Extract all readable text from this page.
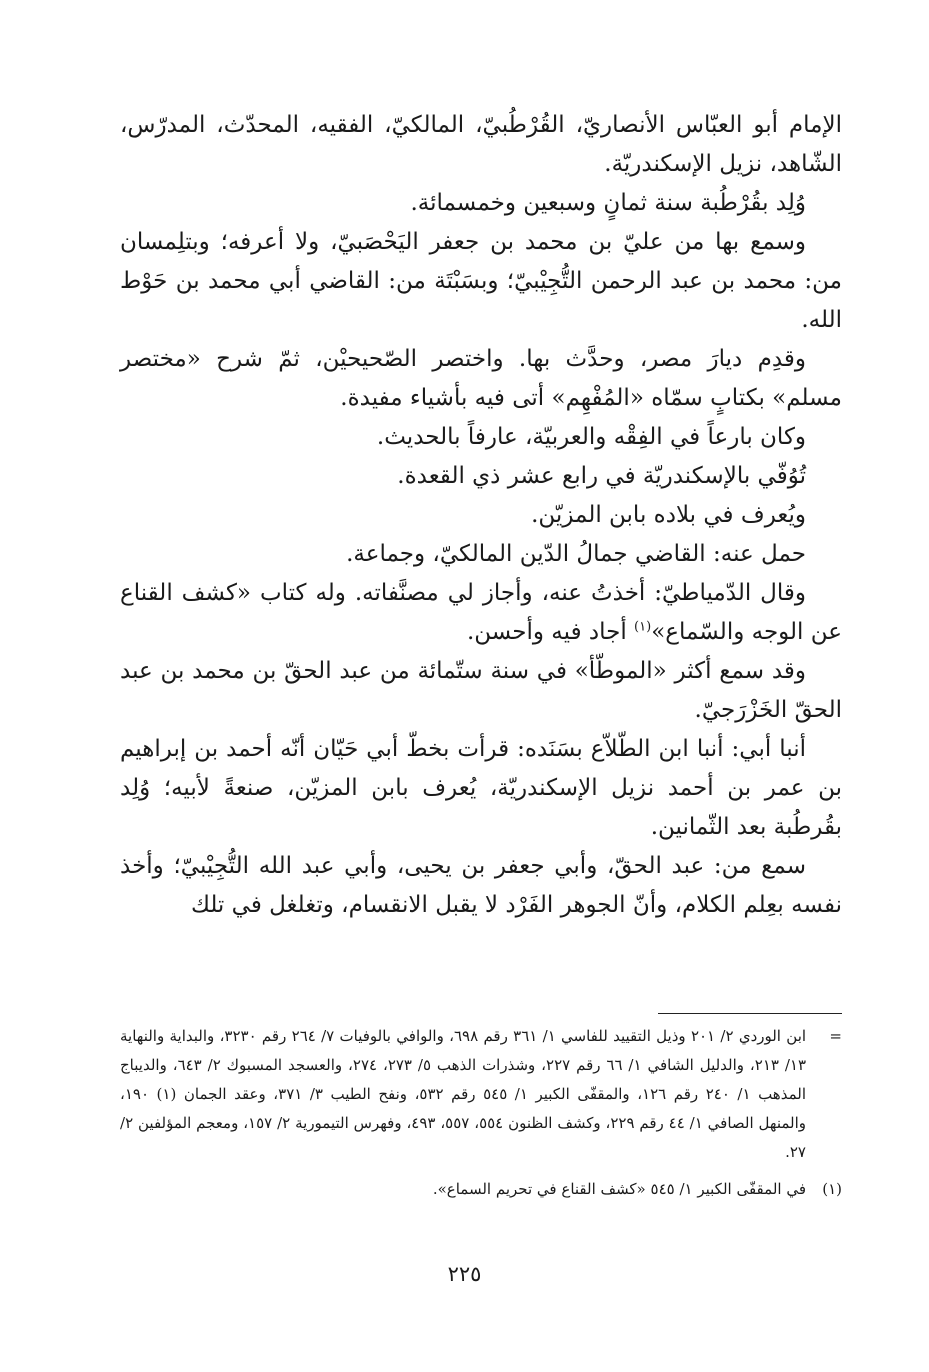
الإمام أبو العبّاس الأنصاريّ، القُرْطُبيّ، المالكيّ، الفقيه، المحدّث، المدرّس، الشّاهد، نزيل الإسكندريّة.

وُلِد بقُرْطُبة سنة ثمانٍ وسبعين وخمسمائة.

وسمع بها من عليّ بن محمد بن جعفر اليَحْصَبيّ، ولا أعرفه؛ وبتلِمسان من: محمد بن عبد الرحمن التُّجِيْبيّ؛ وبسَبْتَة من: القاضي أبي محمد بن حَوْط الله.

وقدِم ديارَ مصر، وحدَّث بها. واختصر الصّحيحيْن، ثمّ شرح «مختصر مسلم» بكتابٍ سمّاه «المُفْهِم» أتى فيه بأشياء مفيدة.

وكان بارعاً في الفِقْه والعربيّة، عارفاً بالحديث.

تُوُفّي بالإسكندريّة في رابع عشر ذي القعدة.

ويُعرف في بلاده بابن المزيّن.

حمل عنه: القاضي جمالُ الدّين المالكيّ، وجماعة.

وقال الدّمياطيّ: أخذتُ عنه، وأجاز لي مصنَّفاته. وله كتاب «كشف القناع عن الوجه والسّماع»$^{(١)}$ أجاد فيه وأحسن.

وقد سمع أكثر «الموطّأ» في سنة ستّمائة من عبد الحقّ بن محمد بن عبد الحقّ الخَزْرَجيّ.

أنبا أبي: أنبا ابن الطّلاّع بسَنَده: قرأت بخطّ أبي حَيّان أنّه أحمد بن إبراهيم بن عمر بن أحمد نزيل الإسكندريّة، يُعرف بابن المزيّن، صنعةً لأبيه؛ وُلِد بقُرطُبة بعد الثّمانين.

سمع من: عبد الحقّ، وأبي جعفر بن يحيى، وأبي عبد الله التُّجِيْبيّ؛ وأخذ نفسه بعِلم الكلام، وأنّ الجوهر الفَرْد لا يقبل الانقسام، وتغلغل في تلك

=
ابن الوردي ٢/ ٢٠١ وذيل التقييد للفاسي ١/ ٣٦١ رقم ٦٩٨، والوافي بالوفيات ٧/ ٢٦٤ رقم ٣٢٣٠، والبداية والنهاية ١٣/ ٢١٣، والدليل الشافي ١/ ٦٦ رقم ٢٢٧، وشذرات الذهب ٥/ ٢٧٣، ٢٧٤، والعسجد المسبوك ٢/ ٦٤٣، والديباج المذهب ١/ ٢٤٠ رقم ١٢٦، والمقفّى الكبير ١/ ٥٤٥ رقم ٥٣٢، ونفح الطيب ٣/ ٣٧١، وعقد الجمان (١) ١٩٠، والمنهل الصافي ١/ ٤٤ رقم ٢٢٩، وكشف الظنون ٥٥٤، ٥٥٧، ٤٩٣، وفهرس التيمورية ٢/ ١٥٧، ومعجم المؤلفين ٢/ ٢٧.
(١)
في المقفّى الكبير ١/ ٥٤٥ «كشف القناع في تحريم السماع».
٢٢٥
